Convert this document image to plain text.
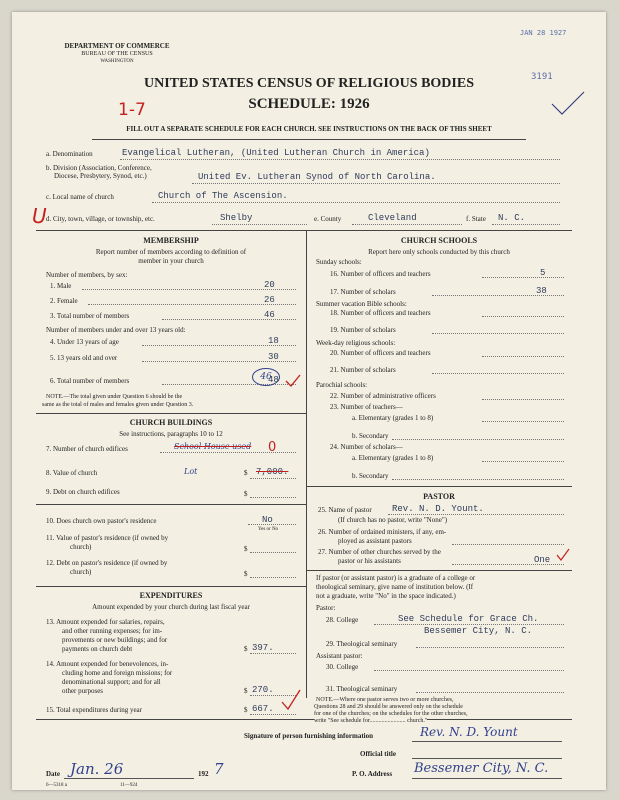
DEPARTMENT OF COMMERCE
BUREAU OF THE CENSUS
WASHINGTON
JAN 28 1927
3191
UNITED STATES CENSUS OF RELIGIOUS BODIES
SCHEDULE: 1926
1-7
FILL OUT A SEPARATE SCHEDULE FOR EACH CHURCH. SEE INSTRUCTIONS ON THE BACK OF THIS SHEET
a. Denomination	Evangelical Lutheran, (United Lutheran Church in America)
b. Division (Association, Conference,
Diocese, Presbytery, Synod, etc.)	United Ev. Lutheran Synod of North Carolina.
c. Local name of church	Church of The Ascension.
U d. City, town, village, or township, etc.	Shelby	e. County	Cleveland	f. State N. C.
MEMBERSHIP
Report number of members according to definition of
member in your church
Number of members, by sex:
1. Male	20
2. Female	26
3. Total number of members	46
Number of members under and over 13 years old:
4. Under 13 years of age	18
5. 13 years old and over	30
6. Total number of members	46
48
NOTE.—The total given under Question 6 should be the
same as the total of males and females given under Question 3.
CHURCH BUILDINGS
See instructions, paragraphs 10 to 12
7. Number of church edifices	School House used 0
8. Value of church	Lot	$ 7,000.
9. Debt on church edifices	$
10. Does church own pastor's residence	No
Yes or No
11. Value of pastor's residence (if owned by
church)	$
12. Debt on pastor's residence (if owned by
church)	$
EXPENDITURES
Amount expended by your church during last fiscal year
13. Amount expended for salaries, repairs,
and other running expenses; for im-
provements or new buildings; and for
payments on church debt	$ 397.
14. Amount expended for benevolences, in-
cluding home and foreign missions; for
denominational support; and for all
other purposes	$ 270.
15. Total expenditures during year	$ 667.
CHURCH SCHOOLS
Report here only schools conducted by this church
Sunday schools:
16. Number of officers and teachers	5
17. Number of scholars	38
Summer vacation Bible schools:
18. Number of officers and teachers
19. Number of scholars
Week-day religious schools:
20. Number of officers and teachers
21. Number of scholars
Parochial schools:
22. Number of administrative officers
23. Number of teachers—
a. Elementary (grades 1 to 8)
b. Secondary
24. Number of scholars—
a. Elementary (grades 1 to 8)
b. Secondary
PASTOR
25. Name of pastor Rev. N. D. Yount.
(If church has no pastor, write "None")
26. Number of ordained ministers, if any, em-
ployed as assistant pastors
27. Number of other churches served by the
pastor or his assistants	One
If pastor (or assistant pastor) is a graduate of a college or
theological seminary, give name of institution below. (If
not a graduate, write "No" in the space indicated.)
Pastor:
28. College	See Schedule for Grace Ch.
Bessemer City, N. C.
29. Theological seminary
Assistant pastor:
30. College
31. Theological seminary
NOTE.—Where one pastor serves two or more churches,
Questions 28 and 29 should be answered only on the schedule
for one of the churches; on the schedules for the other churches,
write "See schedule for........................ church."
Signature of person furnishing information	Rev. N. D. Yount
Official title
Date Jan. 26	192 7
6—5318 a	11—924
P. O. Address Bessemer City, N. C.
